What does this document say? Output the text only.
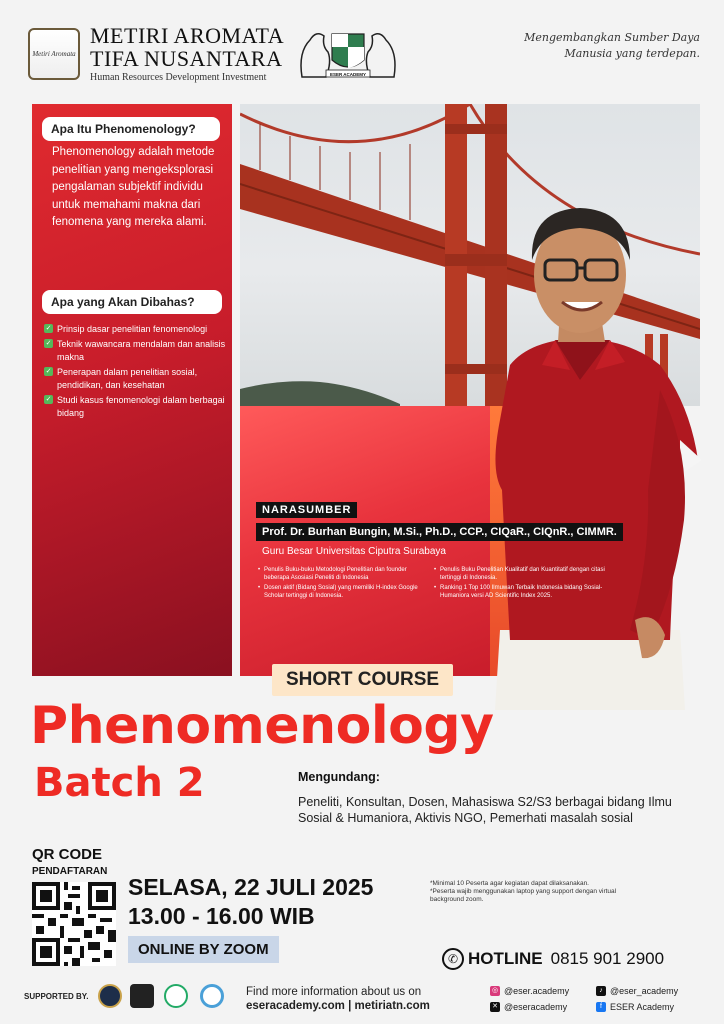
Metiri Aromata
METIRI AROMATA
TIFA NUSANTARA
Human Resources Development Investment	ESER ACADEMY
Mengembangkan Sumber Daya Manusia yang terdepan.
Apa Itu Phenomenology?
Phenomenology adalah metode penelitian yang mengeksplorasi pengalaman subjektif individu untuk memahami makna dari fenomena yang mereka alami.
Apa yang Akan Dibahas?
✓ Prinsip dasar penelitian fenomenologi
✓ Teknik wawancara mendalam dan analisis makna
✓ Penerapan dalam penelitian sosial, pendidikan, dan kesehatan
✓ Studi kasus fenomenologi dalam berbagai bidang
NARASUMBER
Prof. Dr. Burhan Bungin, M.Si., Ph.D., CCP., CIQaR., CIQnR., CIMMR.
Guru Besar Universitas Ciputra Surabaya
• Penulis Buku-buku Metodologi Penelitian dan founder beberapa Asosiasi Peneliti di Indonesia
• Dosen aktif (Bidang Sosial) yang memiliki H-index Google Scholar tertinggi di Indonesia.
• Penulis Buku Penelitian Kualitatif dan Kuantitatif dengan citasi tertinggi di Indonesia.
• Ranking 1 Top 100 Ilmuwan Terbaik Indonesia bidang Sosial-Humaniora versi AD Scientific Index 2025.
SHORT COURSE
Phenomenology
Batch 2	Mengundang:
Peneliti, Konsultan, Dosen, Mahasiswa S2/S3 berbagai bidang Ilmu Sosial & Humaniora, Aktivis NGO, Pemerhati masalah sosial
QR CODE
PENDAFTARAN
SELASA, 22 JULI 2025
13.00 - 16.00 WIB
ONLINE BY ZOOM
*Minimal 10 Peserta agar kegiatan dapat dilaksanakan.
*Peserta wajib menggunakan laptop yang support dengan virtual background zoom.
✆ HOTLINE 0815 901 2900
SUPPORTED BY.	Find more information about us on
eseracademy.com | metiriatn.com
◎ @eser.academy
✕ @eseracademy
♪ @eser_academy
f ESER Academy
